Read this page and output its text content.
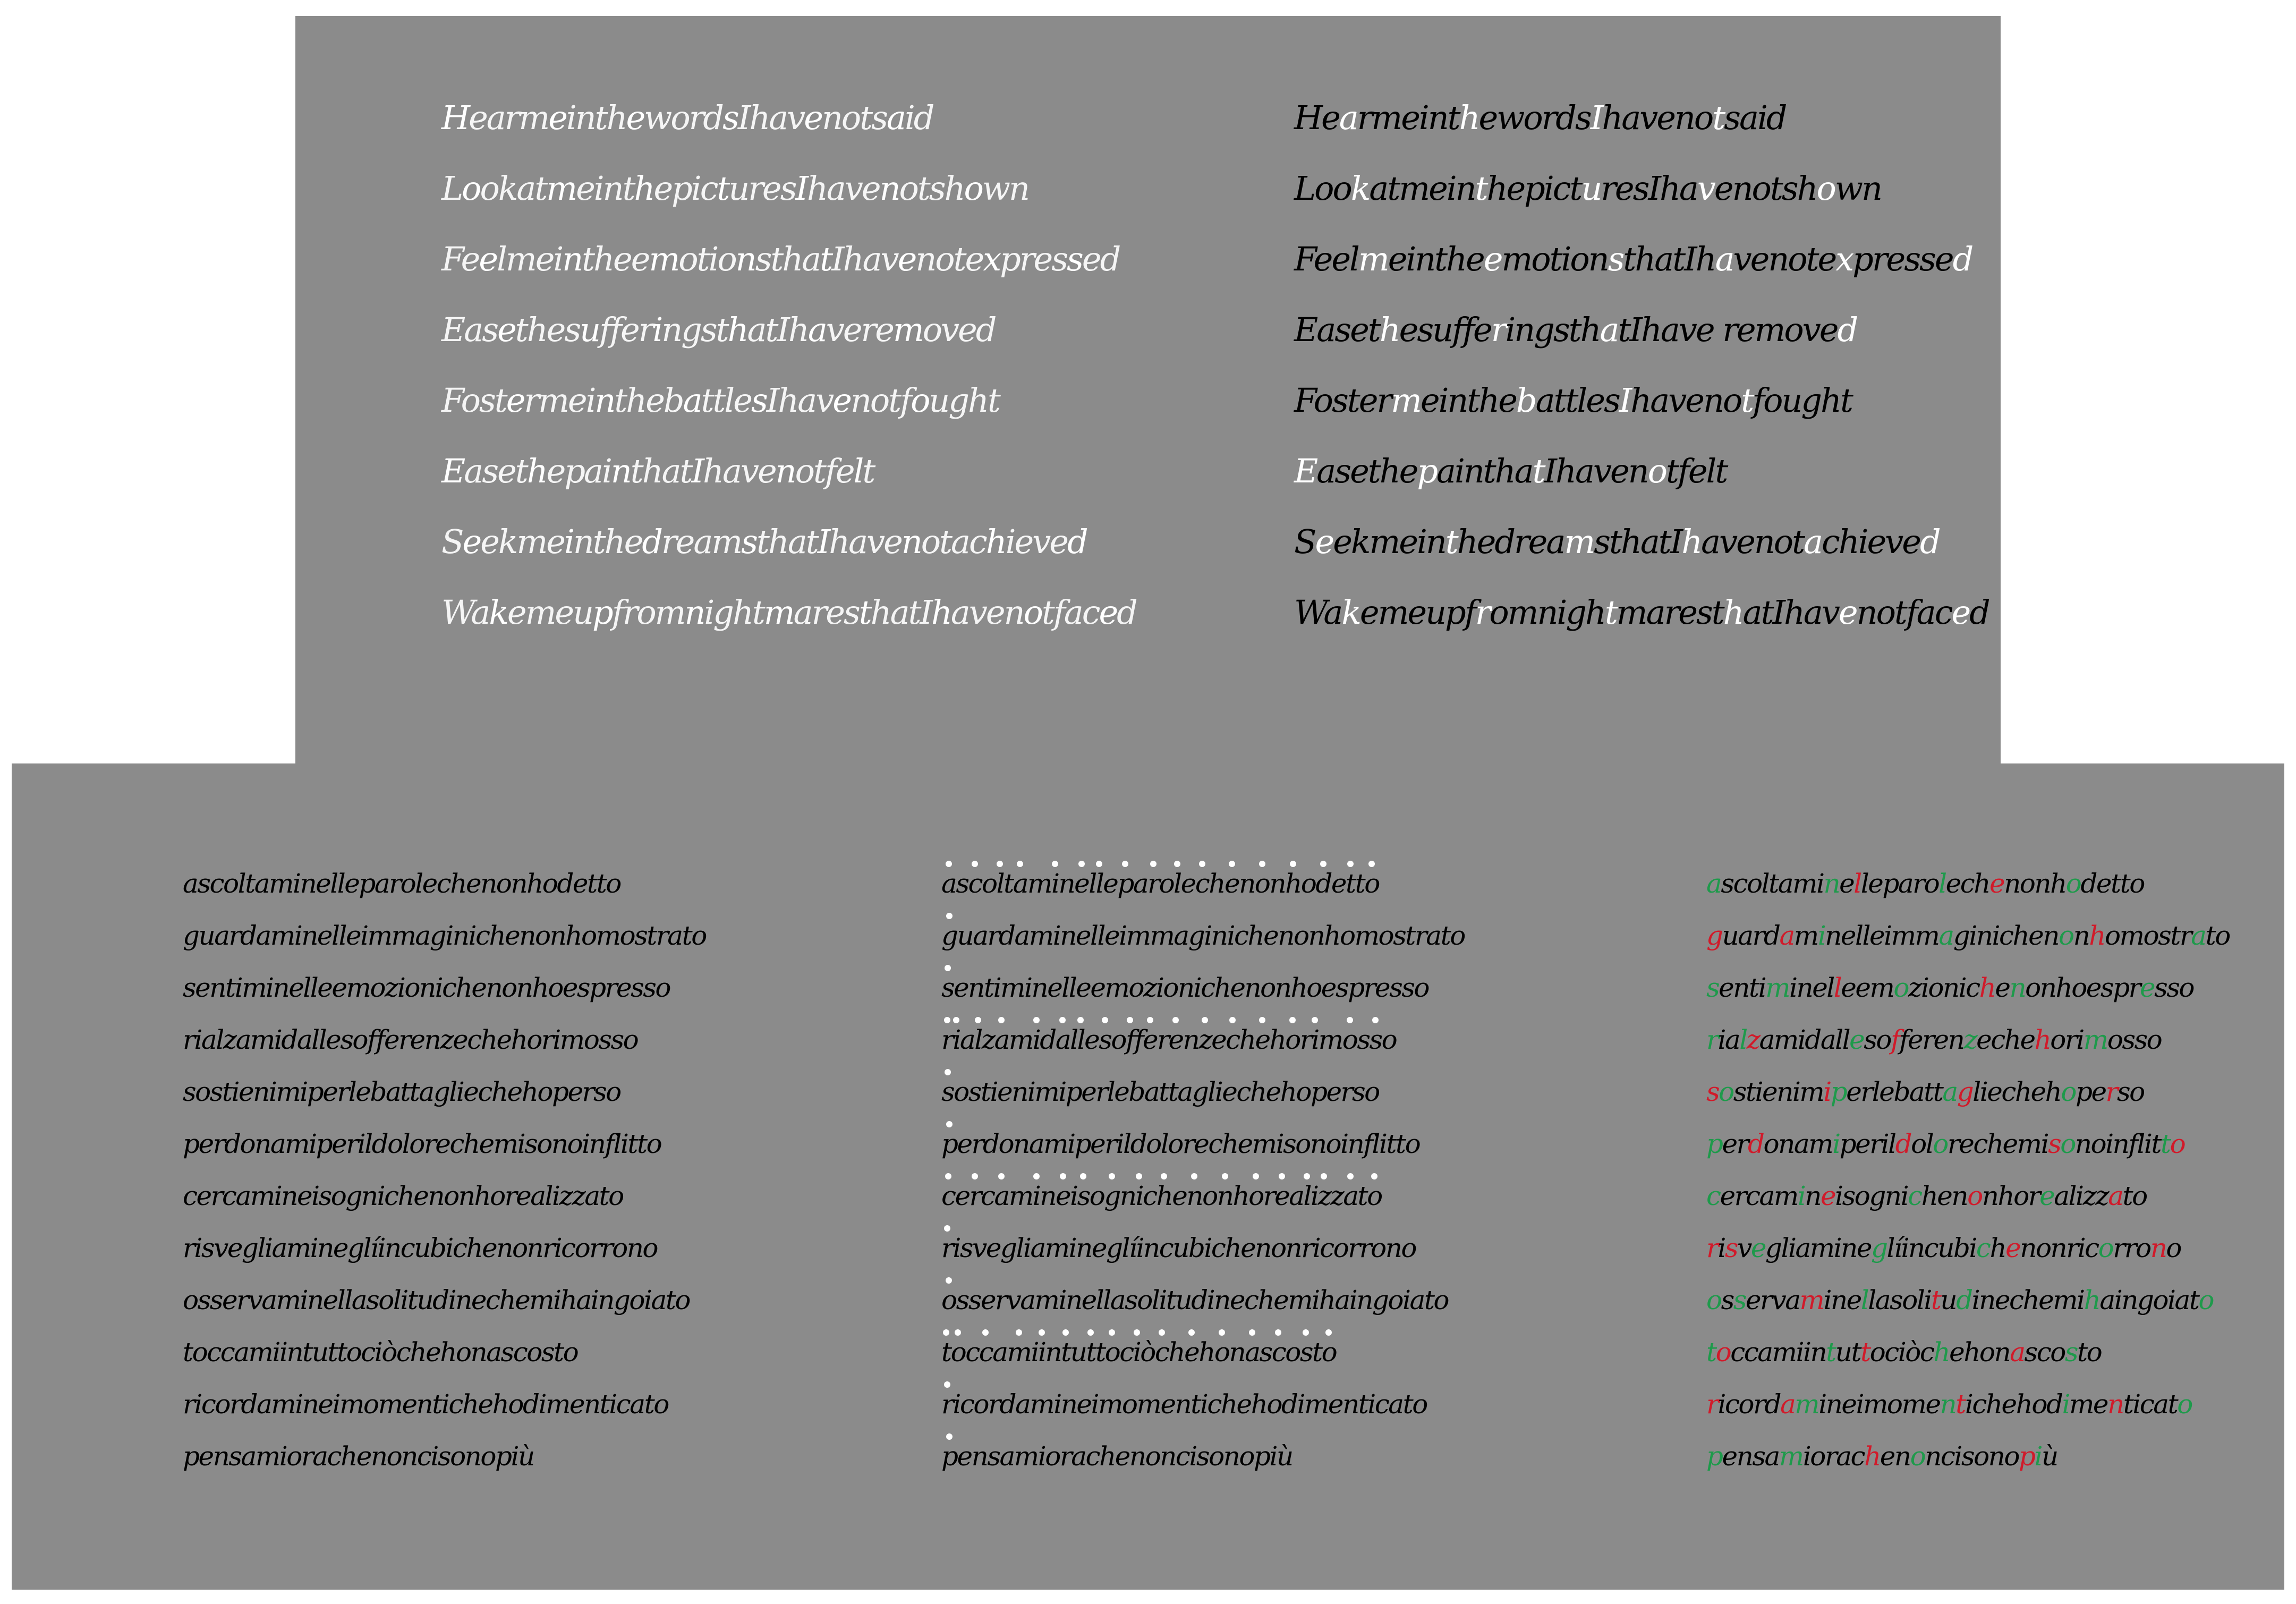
HearmeinthewordsIhavenotsaid
LookatmeinthepicturesIhavenotshown
FeelmeintheemotionsthatIhavenotexpressed
EasethesufferingsthatIhaveremoved
FostermeinthebattlesIhavenotfought
EasethepainthatIhavenotfelt
SeekmeinthedreamsthatIhavenotachieved
WakemeupfromnightmaresthatIhavenotfaced
HearmeinthewordsIhavenotsaid
LookatmeinthepicturesIhavenotshown
FeelmeintheemotionsthatIhavenotexpressed
EasethesufferingsthatIhave removed
FostermeinthebattlesIhavenotfought
EasethepainthatIhavenotfelt
SeekmeinthedreamsthatIhavenotachieved
WakemeupfromnightmaresthatIhavenotfaced
ascoltaminelleparolechenonhodetto
guardaminelleimmaginichenonhomostrato
sentiminelleemozionichenonhoespresso
rialzamidallesofferenzechehorimosso
sostienimiperlebattagliechehoperso
perdonamiperildolorechemisonoinflitto
cercamineisognichenonhorealizzato
risvegliamineglíincubichenonricorrono
osservaminellasolitudinechemihaingoiato
toccamiintuttociòchehonascosto
ricordamineimomentichehodimenticato
pensamiorachenoncisonopiù
ascoltaminelleparolechenonhodetto
guardaminelleimmaginichenonhomostrato
sentiminelleemozionichenonhoespresso
rialzamidallesofferenzechehorimosso
sostienimiperlebattagliechehoperso
perdonamiperildolorechemisonoinflitto
cercamineisognichenonhorealizzato
risvegliamineglíincubichenonricorrono
osservaminellasolitudinechemihaingoiato
toccamiintuttociòchehonascosto
ricordamineimomentichehodimenticato
pensamiorachenoncisonopiù
ascoltaminelleparolechenonhodetto
guardaminelleimmaginichenonhomostrato
sentiminelleemozionichenonhoespresso
rialzamidallesofferenzechehorimosso
sostienimiperlebattagliechehoperso
perdonamiperildolorechemisonoinflitto
cercamineisognichenonhorealizzato
risvegliamineglíincubichenonricorrono
osservaminellasolitudinechemihaingoiato
toccamiintuttociòchehonascosto
ricordamineimomentichehodimenticato
pensamiorachenoncisonopiù
